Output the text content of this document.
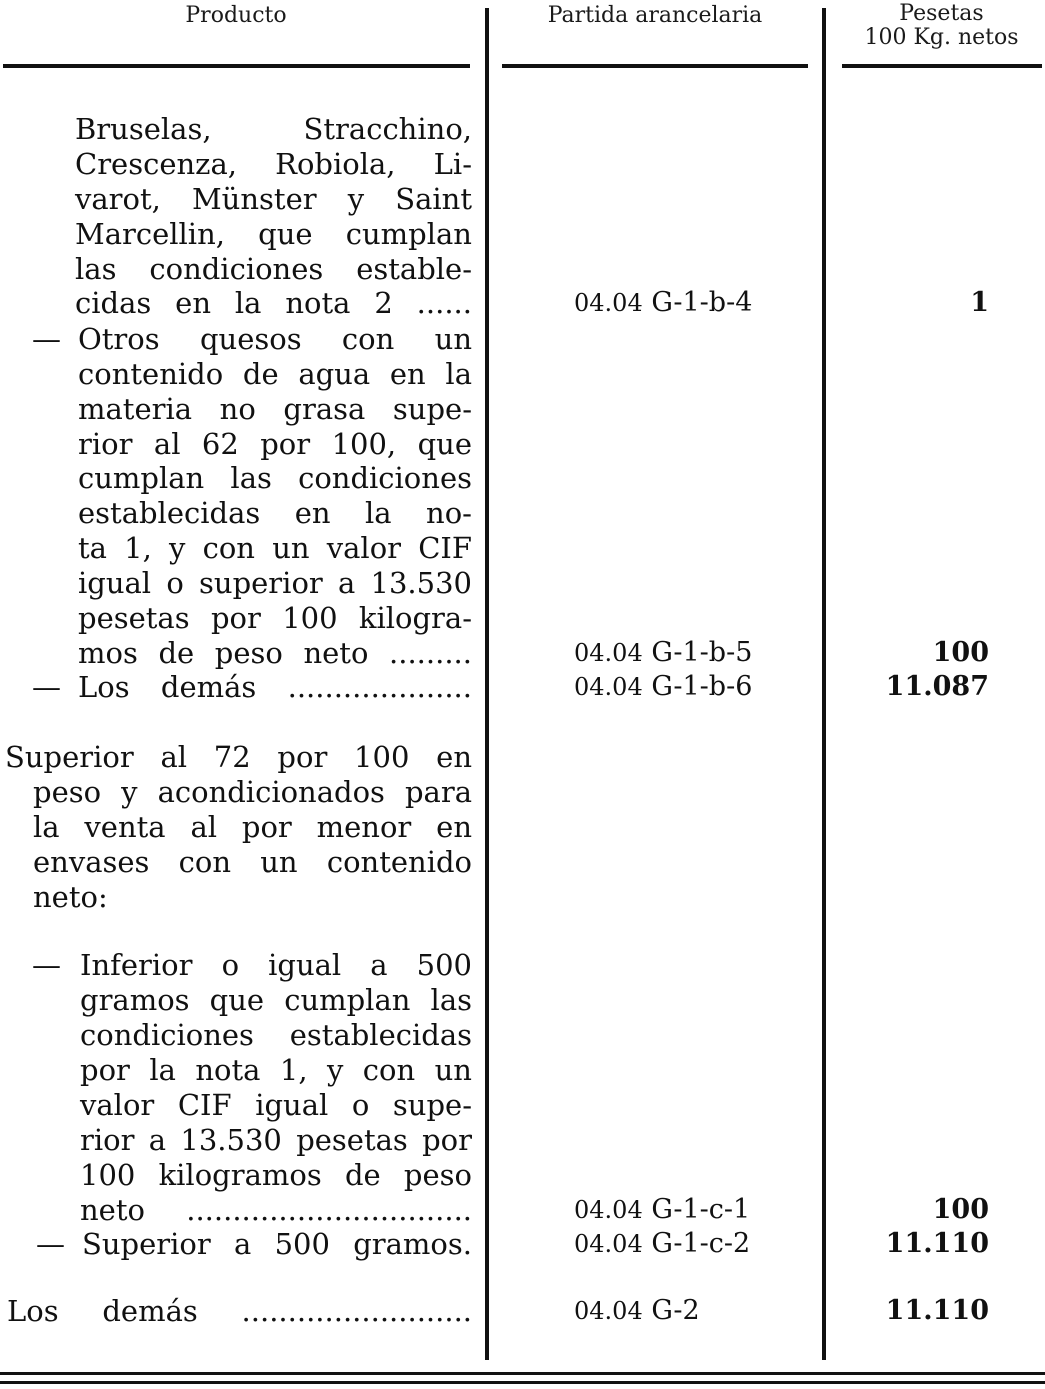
Producto	Partida arancelaria	Pesetas
100 Kg. netos
Bruselas, Stracchino,
Crescenza, Robiola, Li-
varot, Münster y Saint
Marcellin, que cumplan
las condiciones estable-
cidas en la nota 2 ......	04.04 G-1-b-4	1
— Otros quesos con un
contenido de agua en la
materia no grasa supe-
rior al 62 por 100, que
cumplan las condiciones
establecidas en la no-
ta 1, y con un valor CIF
igual o superior a 13.530
pesetas por 100 kilogra-
mos de peso neto .........	04.04 G-1-b-5	100
— Los demás ....................	04.04 G-1-b-6	11.087
Superior al 72 por 100 en
peso y acondicionados para
la venta al por menor en
envases con un contenido
neto:
— Inferior o igual a 500
gramos que cumplan las
condiciones establecidas
por la nota 1, y con un
valor CIF igual o supe-
rior a 13.530 pesetas por
100 kilogramos de peso
neto ...............................	04.04 G-1-c-1	100
— Superior a 500 gramos.	04.04 G-1-c-2	11.110
Los demás .........................	04.04 G-2	11.110
